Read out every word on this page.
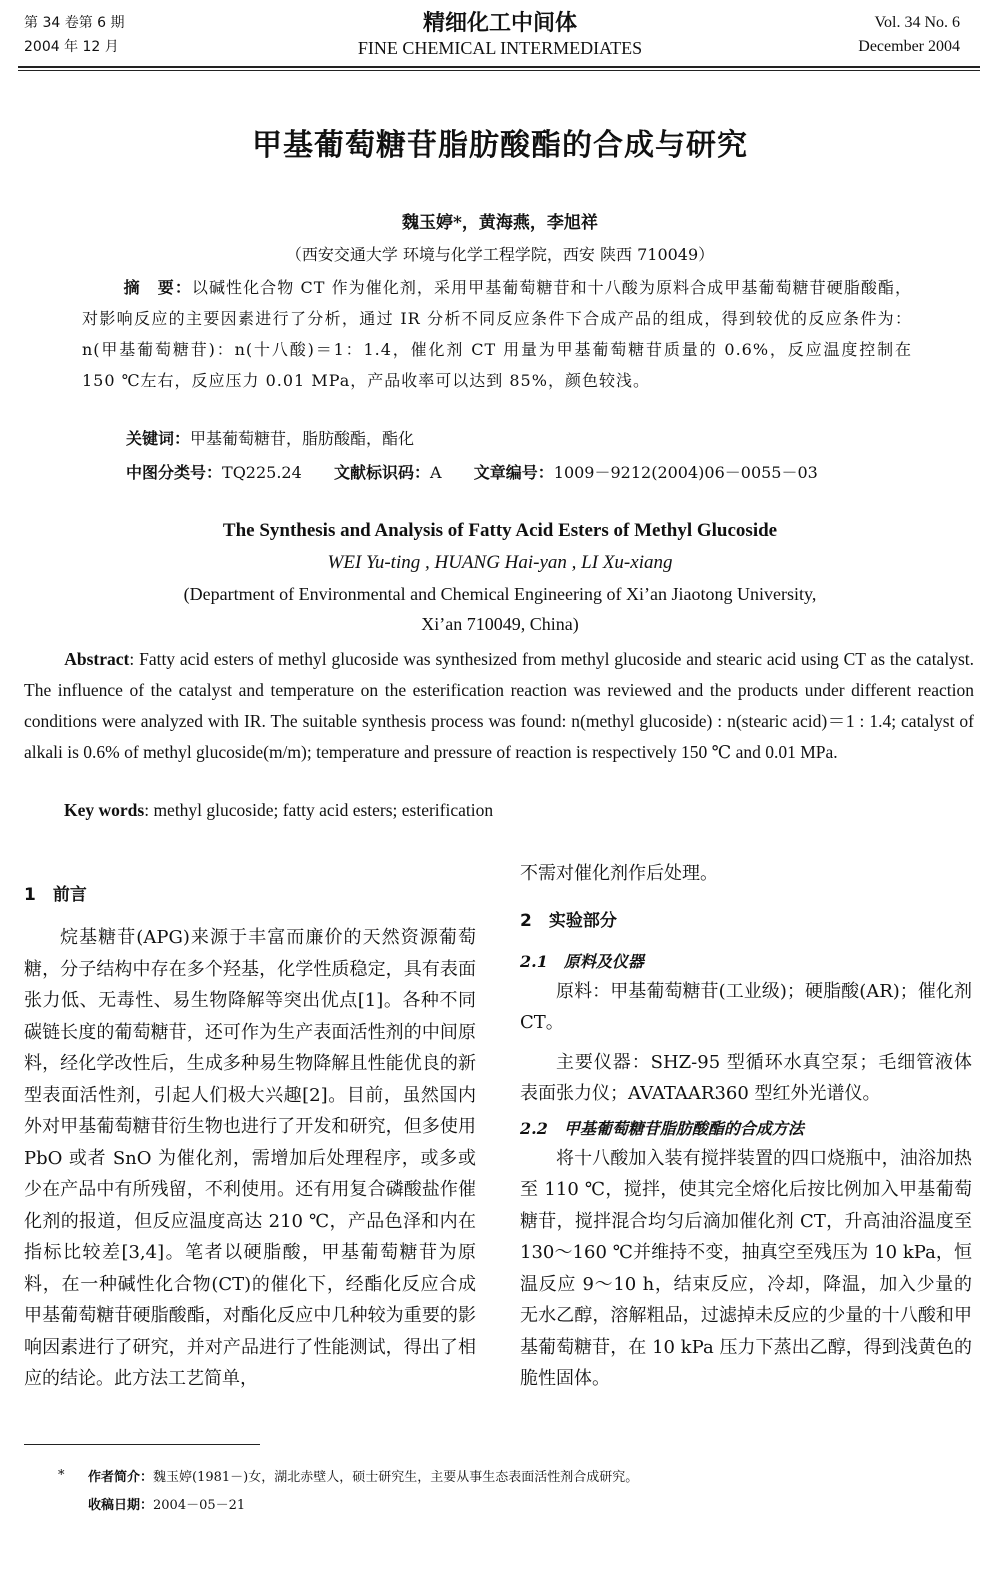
第 34 卷第 6 期
2004 年 12 月
精细化工中间体
FINE CHEMICAL INTERMEDIATES
Vol. 34 No. 6
December 2004
甲基葡萄糖苷脂肪酸酯的合成与研究
魏玉婷*，黄海燕，李旭祥
（西安交通大学 环境与化学工程学院，西安 陕西 710049）

摘　要：以碱性化合物 CT 作为催化剂，采用甲基葡萄糖苷和十八酸为原料合成甲基葡萄糖苷硬脂酸酯，对影响反应的主要因素进行了分析，通过 IR 分析不同反应条件下合成产品的组成，得到较优的反应条件为：n(甲基葡萄糖苷)：n(十八酸)＝1：1.4，催化剂 CT 用量为甲基葡萄糖苷质量的 0.6%，反应温度控制在 150 ℃左右，反应压力 0.01 MPa，产品收率可以达到 85%，颜色较浅。

关键词：甲基葡萄糖苷，脂肪酸酯，酯化
中图分类号：TQ225.24 文献标识码：A 文章编号：1009－9212(2004)06－0055－03
The Synthesis and Analysis of Fatty Acid Esters of Methyl Glucoside
WEI Yu-ting , HUANG Hai-yan , LI Xu-xiang
(Department of Environmental and Chemical Engineering of Xi’an Jiaotong University,
Xi’an 710049, China)

Abstract: Fatty acid esters of methyl glucoside was synthesized from methyl glucoside and stearic acid using CT as the catalyst. The influence of the catalyst and temperature on the esterification reaction was reviewed and the products under different reaction conditions were analyzed with IR. The suitable synthesis process was found: n(methyl glucoside) : n(stearic acid)＝1 : 1.4; catalyst of alkali is 0.6% of methyl glucoside(m/m); temperature and pressure of reaction is respectively 150 ℃ and 0.01 MPa.

Key words: methyl glucoside; fatty acid esters; esterification
1　前言

烷基糖苷(APG)来源于丰富而廉价的天然资源葡萄糖，分子结构中存在多个羟基，化学性质稳定，具有表面张力低、无毒性、易生物降解等突出优点[1]。各种不同碳链长度的葡萄糖苷，还可作为生产表面活性剂的中间原料，经化学改性后，生成多种易生物降解且性能优良的新型表面活性剂，引起人们极大兴趣[2]。目前，虽然国内外对甲基葡萄糖苷衍生物也进行了开发和研究，但多使用 PbO 或者 SnO 为催化剂，需增加后处理程序，或多或少在产品中有所残留，不利使用。还有用复合磷酸盐作催化剂的报道，但反应温度高达 210 ℃，产品色泽和内在指标比较差[3,4]。笔者以硬脂酸，甲基葡萄糖苷为原料，在一种碱性化合物(CT)的催化下，经酯化反应合成甲基葡萄糖苷硬脂酸酯，对酯化反应中几种较为重要的影响因素进行了研究，并对产品进行了性能测试，得出了相应的结论。此方法工艺简单，

不需对催化剂作后处理。

2　实验部分
2.1　原料及仪器

原料：甲基葡萄糖苷(工业级)；硬脂酸(AR)；催化剂 CT。

主要仪器：SHZ-95 型循环水真空泵；毛细管液体表面张力仪；AVATAAR360 型红外光谱仪。

2.2　甲基葡萄糖苷脂肪酸酯的合成方法

将十八酸加入装有搅拌装置的四口烧瓶中，油浴加热至 110 ℃，搅拌，使其完全熔化后按比例加入甲基葡萄糖苷，搅拌混合均匀后滴加催化剂 CT，升高油浴温度至 130～160 ℃并维持不变，抽真空至残压为 10 kPa，恒温反应 9～10 h，结束反应，冷却，降温，加入少量的无水乙醇，溶解粗品，过滤掉未反应的少量的十八酸和甲基葡萄糖苷，在 10 kPa 压力下蒸出乙醇，得到浅黄色的脆性固体。

* 作者简介：魏玉婷(1981－)女，湖北赤壁人，硕士研究生，主要从事生态表面活性剂合成研究。
收稿日期：2004－05－21
